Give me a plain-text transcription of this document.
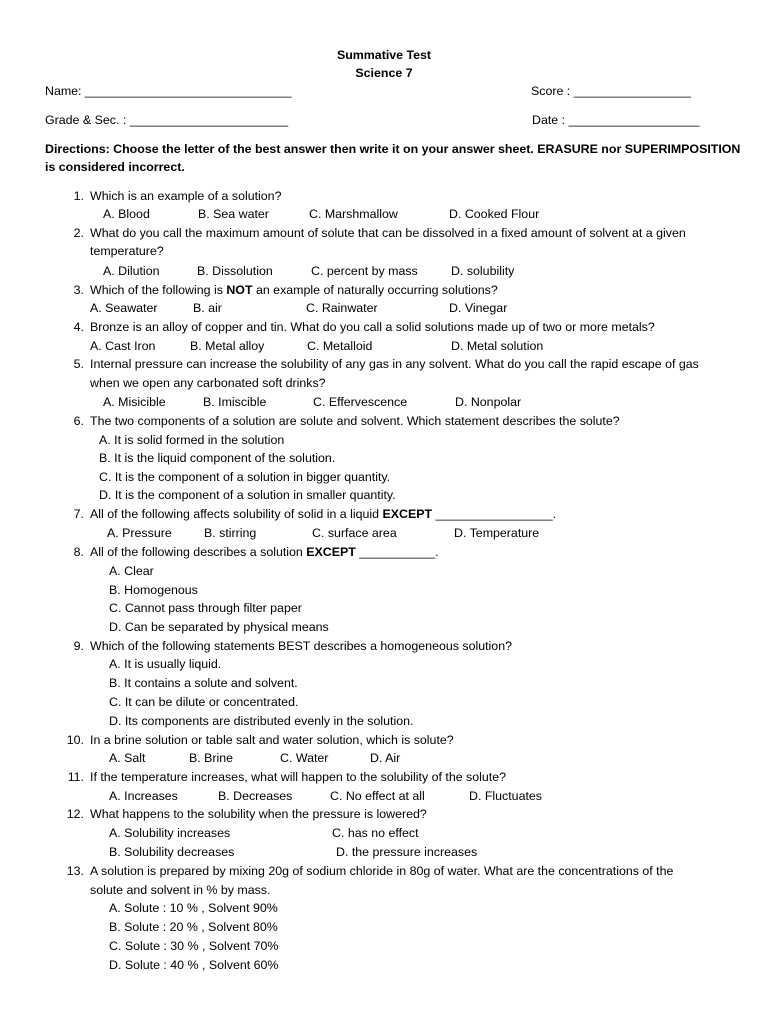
Summative Test
Science 7
Name: ______________________________	Score : _________________
Grade & Sec. : _______________________	Date : ___________________
Directions: Choose the letter of the best answer then write it on your answer sheet. ERASURE nor SUPERIMPOSITION
is considered incorrect.
1. Which is an example of a solution?
A. Blood	B. Sea water	C. Marshmallow	D. Cooked Flour
2. What do you call the maximum amount of solute that can be dissolved in a fixed amount of solvent at a given
temperature?
A. Dilution	B. Dissolution	C. percent by mass	D. solubility
3. Which of the following is NOT an example of naturally occurring solutions?
A. Seawater	B. air	C. Rainwater	D. Vinegar
4. Bronze is an alloy of copper and tin. What do you call a solid solutions made up of two or more metals?
A. Cast Iron	B. Metal alloy	C. Metalloid	D. Metal solution
5. Internal pressure can increase the solubility of any gas in any solvent. What do you call the rapid escape of gas
when we open any carbonated soft drinks?
A. Misicible	B. Imiscible	C. Effervescence	D. Nonpolar
6. The two components of a solution are solute and solvent. Which statement describes the solute?
A. It is solid formed in the solution
B. It is the liquid component of the solution.
C. It is the component of a solution in bigger quantity.
D. It is the component of a solution in smaller quantity.
7. All of the following affects solubility of solid in a liquid EXCEPT _________________.
A. Pressure	B. stirring	C. surface area	D. Temperature
8. All of the following describes a solution EXCEPT ___________.
A. Clear
B. Homogenous
C. Cannot pass through filter paper
D. Can be separated by physical means
9. Which of the following statements BEST describes a homogeneous solution?
A. It is usually liquid.
B. It contains a solute and solvent.
C. It can be dilute or concentrated.
D. Its components are distributed evenly in the solution.
10. In a brine solution or table salt and water solution, which is solute?
A. Salt	B. Brine	C. Water	D. Air
11. If the temperature increases, what will happen to the solubility of the solute?
A. Increases	B. Decreases	C. No effect at all	D. Fluctuates
12. What happens to the solubility when the pressure is lowered?
A. Solubility increases	C. has no effect
B. Solubility decreases	D. the pressure increases
13. A solution is prepared by mixing 20g of sodium chloride in 80g of water. What are the concentrations of the
solute and solvent in % by mass.
A. Solute : 10 % , Solvent 90%
B. Solute : 20 % , Solvent 80%
C. Solute : 30 % , Solvent 70%
D. Solute : 40 % , Solvent 60%
